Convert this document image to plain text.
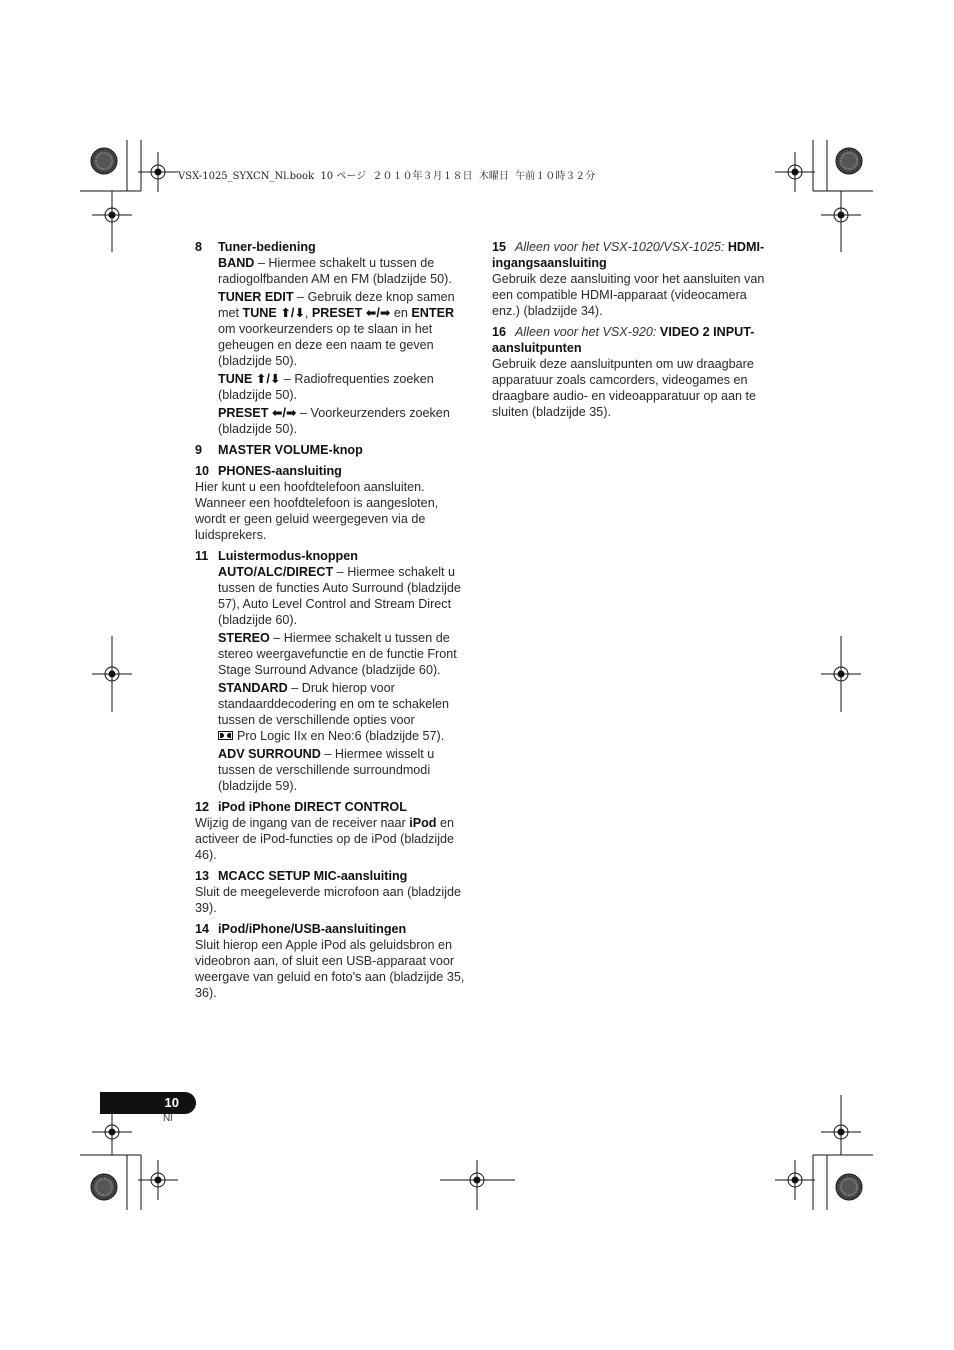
VSX-1025_SYXCN_Nl.book  10 ページ  ２０１０年３月１８日  木曜日  午前１０時３２分
8 Tuner-bediening

BAND – Hiermee schakelt u tussen de radiogolfbanden AM en FM (bladzijde 50).

TUNER EDIT – Gebruik deze knop samen met TUNE ⬆/⬇, PRESET ⬅/➡ en ENTER om voorkeurzenders op te slaan in het geheugen en deze een naam te geven (bladzijde 50).

TUNE ⬆/⬇ – Radiofrequenties zoeken (bladzijde 50).

PRESET ⬅/➡ – Voorkeurzenders zoeken (bladzijde 50).

9 MASTER VOLUME-knop
10 PHONES-aansluiting

Hier kunt u een hoofdtelefoon aansluiten. Wanneer een hoofdtelefoon is aangesloten, wordt er geen geluid weergegeven via de luidsprekers.

11 Luistermodus-knoppen

AUTO/ALC/DIRECT – Hiermee schakelt u tussen de functies Auto Surround (bladzijde 57), Auto Level Control and Stream Direct (bladzijde 60).

STEREO – Hiermee schakelt u tussen de stereo weergavefunctie en de functie Front Stage Surround Advance (bladzijde 60).

STANDARD – Druk hierop voor standaarddecodering en om te schakelen tussen de verschillende opties voor
Pro Logic IIx en Neo:6 (bladzijde 57).

ADV SURROUND – Hiermee wisselt u tussen de verschillende surroundmodi (bladzijde 59).

12 iPod iPhone DIRECT CONTROL

Wijzig de ingang van de receiver naar iPod en activeer de iPod-functies op de iPod (bladzijde 46).

13 MCACC SETUP MIC-aansluiting

Sluit de meegeleverde microfoon aan (bladzijde 39).

14 iPod/iPhone/USB-aansluitingen

Sluit hierop een Apple iPod als geluidsbron en videobron aan, of sluit een USB-apparaat voor weergave van geluid en foto’s aan (bladzijde 35, 36).

15 Alleen voor het VSX-1020/VSX-1025: HDMI-ingangsaansluiting

Gebruik deze aansluiting voor het aansluiten van een compatible HDMI-apparaat (videocamera enz.) (bladzijde 34).

16 Alleen voor het VSX-920: VIDEO 2 INPUT-aansluitpunten

Gebruik deze aansluitpunten om uw draagbare apparatuur zoals camcorders, videogames en draagbare audio- en videoapparatuur op aan te sluiten (bladzijde 35).

10
Nl
